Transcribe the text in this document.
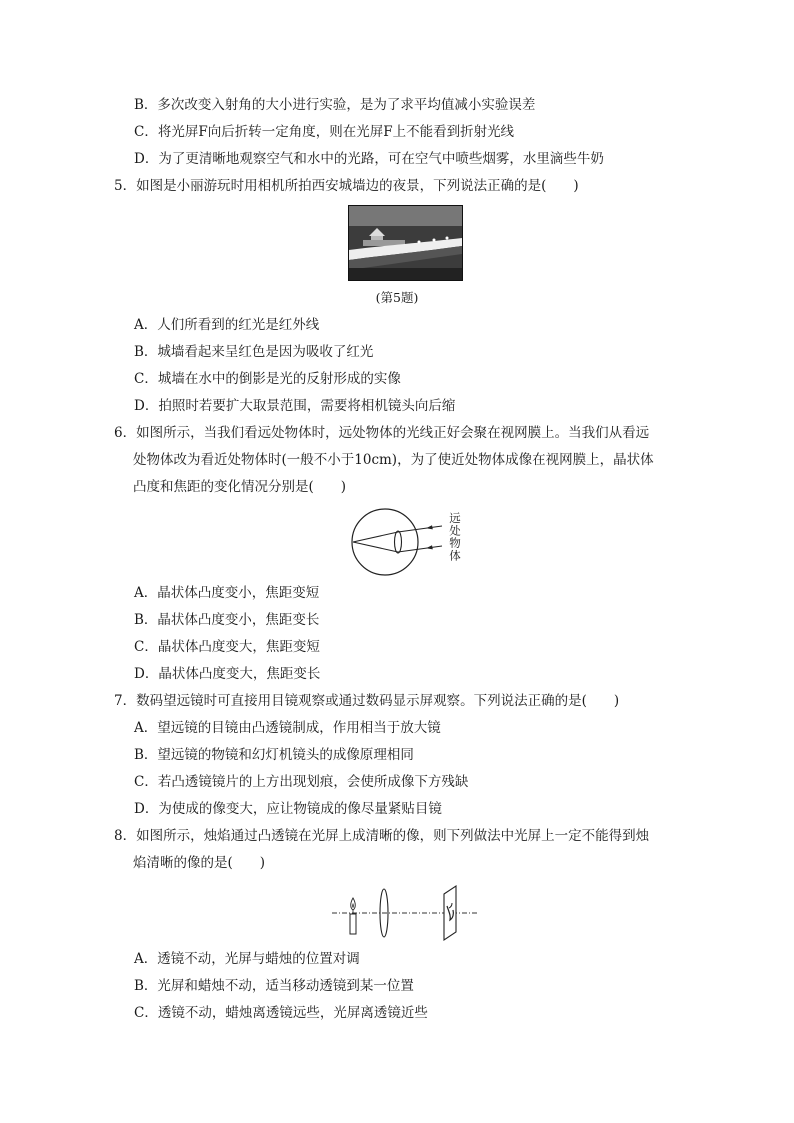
B．多次改变入射角的大小进行实验，是为了求平均值减小实验误差
C．将光屏F向后折转一定角度，则在光屏F上不能看到折射光线
D．为了更清晰地观察空气和水中的光路，可在空气中喷些烟雾，水里滴些牛奶
5．如图是小丽游玩时用相机所拍西安城墙边的夜景，下列说法正确的是(　　)
(第5题)
A．人们所看到的红光是红外线
B．城墙看起来呈红色是因为吸收了红光
C．城墙在水中的倒影是光的反射形成的实像
D．拍照时若要扩大取景范围，需要将相机镜头向后缩
6．如图所示，当我们看远处物体时，远处物体的光线正好会聚在视网膜上。当我们从看远
处物体改为看近处物体时(一般不小于10cm)，为了使近处物体成像在视网膜上，晶状体
凸度和焦距的变化情况分别是(　　)
远处物体
A．晶状体凸度变小，焦距变短
B．晶状体凸度变小，焦距变长
C．晶状体凸度变大，焦距变短
D．晶状体凸度变大，焦距变长
7．数码望远镜时可直接用目镜观察或通过数码显示屏观察。下列说法正确的是(　　)
A．望远镜的目镜由凸透镜制成，作用相当于放大镜
B．望远镜的物镜和幻灯机镜头的成像原理相同
C．若凸透镜镜片的上方出现划痕，会使所成像下方残缺
D．为使成的像变大，应让物镜成的像尽量紧贴目镜
8．如图所示，烛焰通过凸透镜在光屏上成清晰的像，则下列做法中光屏上一定不能得到烛
焰清晰的像的是(　　)
A．透镜不动，光屏与蜡烛的位置对调
B．光屏和蜡烛不动，适当移动透镜到某一位置
C．透镜不动，蜡烛离透镜远些，光屏离透镜近些
